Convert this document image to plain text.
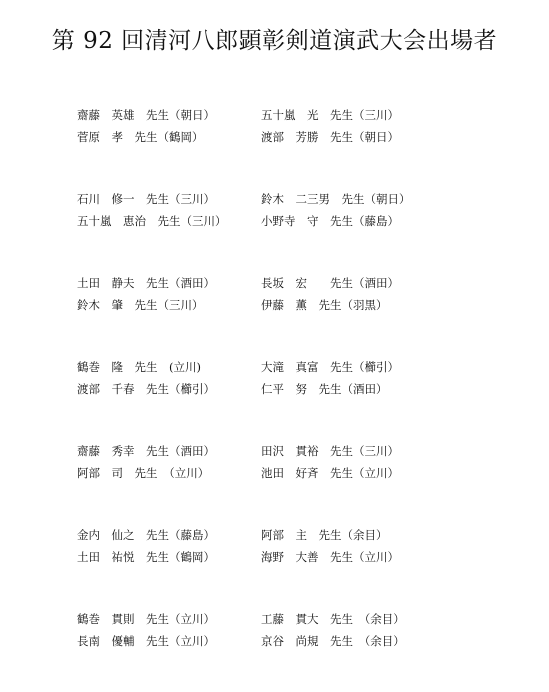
第 92 回清河八郎顕彰剣道演武大会出場者
齋藤　英雄　先生（朝日）	五十嵐　光　先生（三川）
菅原　孝　先生（鶴岡）	渡部　芳勝　先生（朝日）
石川　修一　先生（三川）	鈴木　二三男　先生（朝日）
五十嵐　恵治　先生（三川）	小野寺　守　先生（藤島）
土田　静夫　先生（酒田）	長坂　宏　　先生（酒田）
鈴木　肇　先生（三川）	伊藤　薫　先生（羽黒）
鶴巻　隆　先生　(立川)	大滝　真富　先生（櫛引）
渡部　千春　先生（櫛引）	仁平　努　先生（酒田）
齋藤　秀幸　先生（酒田）	田沢　貫裕　先生（三川）
阿部　司　先生　（立川）	池田　好斉　先生（立川）
金内　仙之　先生（藤島）	阿部　主　先生（余目）
土田　祐悦　先生（鶴岡）	海野　大善　先生（立川）
鶴巻　貫則　先生（立川）	工藤　貫大　先生　（余目）
長南　優輔　先生（立川）	京谷　尚規　先生　（余目）
